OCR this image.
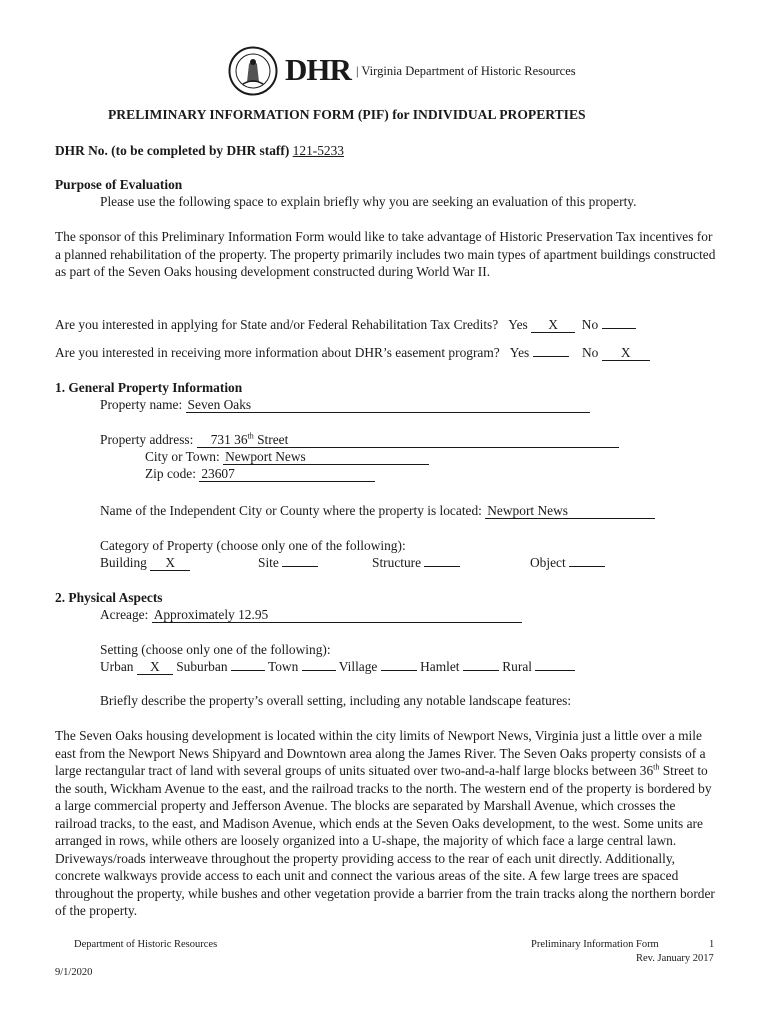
DHR | Virginia Department of Historic Resources
PRELIMINARY INFORMATION FORM (PIF) for INDIVIDUAL PROPERTIES
DHR No. (to be completed by DHR staff) 121-5233
Purpose of Evaluation
Please use the following space to explain briefly why you are seeking an evaluation of this property.
The sponsor of this Preliminary Information Form would like to take advantage of Historic Preservation Tax incentives for a planned rehabilitation of the property. The property primarily includes two main types of apartment buildings constructed as part of the Seven Oaks housing development constructed during World War II.
Are you interested in applying for State and/or Federal Rehabilitation Tax Credits? Yes X No
Are you interested in receiving more information about DHR’s easement program? Yes	No X
1. General Property Information
Property name: Seven Oaks
Property address: 731 36th Street
City or Town: Newport News
Zip code: 23607
Name of the Independent City or County where the property is located: Newport News
Category of Property (choose only one of the following):
Building X	Site	Structure	Object
2. Physical Aspects
Acreage: Approximately 12.95
Setting (choose only one of the following):
Urban X Suburban	Town	Village	Hamlet	Rural
Briefly describe the property’s overall setting, including any notable landscape features:
The Seven Oaks housing development is located within the city limits of Newport News, Virginia just a little over a mile east from the Newport News Shipyard and Downtown area along the James River. The Seven Oaks property consists of a large rectangular tract of land with several groups of units situated over two-and-a-half large blocks between 36th Street to the south, Wickham Avenue to the east, and the railroad tracks to the north. The western end of the property is bordered by a large commercial property and Jefferson Avenue. The blocks are separated by Marshall Avenue, which crosses the railroad tracks, to the east, and Madison Avenue, which ends at the Seven Oaks development, to the west. Some units are arranged in rows, while others are loosely organized into a U-shape, the majority of which face a large central lawn. Driveways/roads interweave throughout the property providing access to the rear of each unit directly. Additionally, concrete walkways provide access to each unit and connect the various areas of the site. A few large trees are spaced throughout the property, while bushes and other vegetation provide a barrier from the train tracks along the northern border of the property.
Department of Historic Resources	Preliminary Information Form	1
Rev. January 2017
9/1/2020
